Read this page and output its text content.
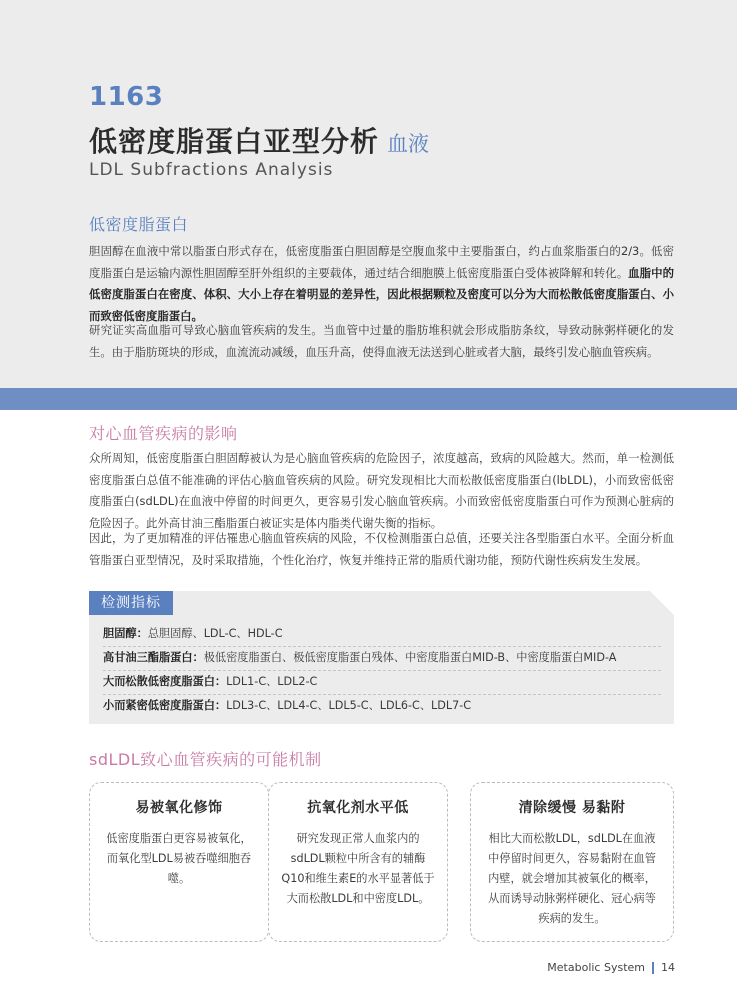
1163
低密度脂蛋白亚型分析 血液
LDL Subfractions Analysis
低密度脂蛋白
胆固醇在血液中常以脂蛋白形式存在，低密度脂蛋白胆固醇是空腹血浆中主要脂蛋白，约占血浆脂蛋白的2/3。低密度脂蛋白是运输内源性胆固醇至肝外组织的主要载体，通过结合细胞膜上低密度脂蛋白受体被降解和转化。血脂中的低密度脂蛋白在密度、体积、大小上存在着明显的差异性，因此根据颗粒及密度可以分为大而松散低密度脂蛋白、小而致密低密度脂蛋白。
研究证实高血脂可导致心脑血管疾病的发生。当血管中过量的脂肪堆积就会形成脂肪条纹，导致动脉粥样硬化的发生。由于脂肪斑块的形成，血流流动减缓，血压升高，使得血液无法送到心脏或者大脑，最终引发心脑血管疾病。
对心血管疾病的影响
众所周知，低密度脂蛋白胆固醇被认为是心脑血管疾病的危险因子，浓度越高，致病的风险越大。然而，单一检测低密度脂蛋白总值不能准确的评估心脑血管疾病的风险。研究发现相比大而松散低密度脂蛋白(lbLDL)，小而致密低密度脂蛋白(sdLDL)在血液中停留的时间更久，更容易引发心脑血管疾病。小而致密低密度脂蛋白可作为预测心脏病的危险因子。此外高甘油三酯脂蛋白被证实是体内脂类代谢失衡的指标。
因此，为了更加精准的评估罹患心脑血管疾病的风险，不仅检测脂蛋白总值，还要关注各型脂蛋白水平。全面分析血管脂蛋白亚型情况，及时采取措施，个性化治疗，恢复并维持正常的脂质代谢功能，预防代谢性疾病发生发展。
检测指标
胆固醇：总胆固醇、LDL-C、HDL-C
高甘油三酯脂蛋白：极低密度脂蛋白、极低密度脂蛋白残体、中密度脂蛋白MID-B、中密度脂蛋白MID-A
大而松散低密度脂蛋白：LDL1-C、LDL2-C
小而紧密低密度脂蛋白：LDL3-C、LDL4-C、LDL5-C、LDL6-C、LDL7-C
sdLDL致心血管疾病的可能机制
易被氧化修饰
低密度脂蛋白更容易被氧化，而氧化型LDL易被吞噬细胞吞噬。
抗氧化剂水平低
研究发现正常人血浆内的sdLDL颗粒中所含有的辅酶Q10和维生素E的水平显著低于大而松散LDL和中密度LDL。
清除缓慢 易黏附
相比大而松散LDL，sdLDL在血液中停留时间更久，容易黏附在血管内壁，就会增加其被氧化的概率，从而诱导动脉粥样硬化、冠心病等疾病的发生。
Metabolic System 14
